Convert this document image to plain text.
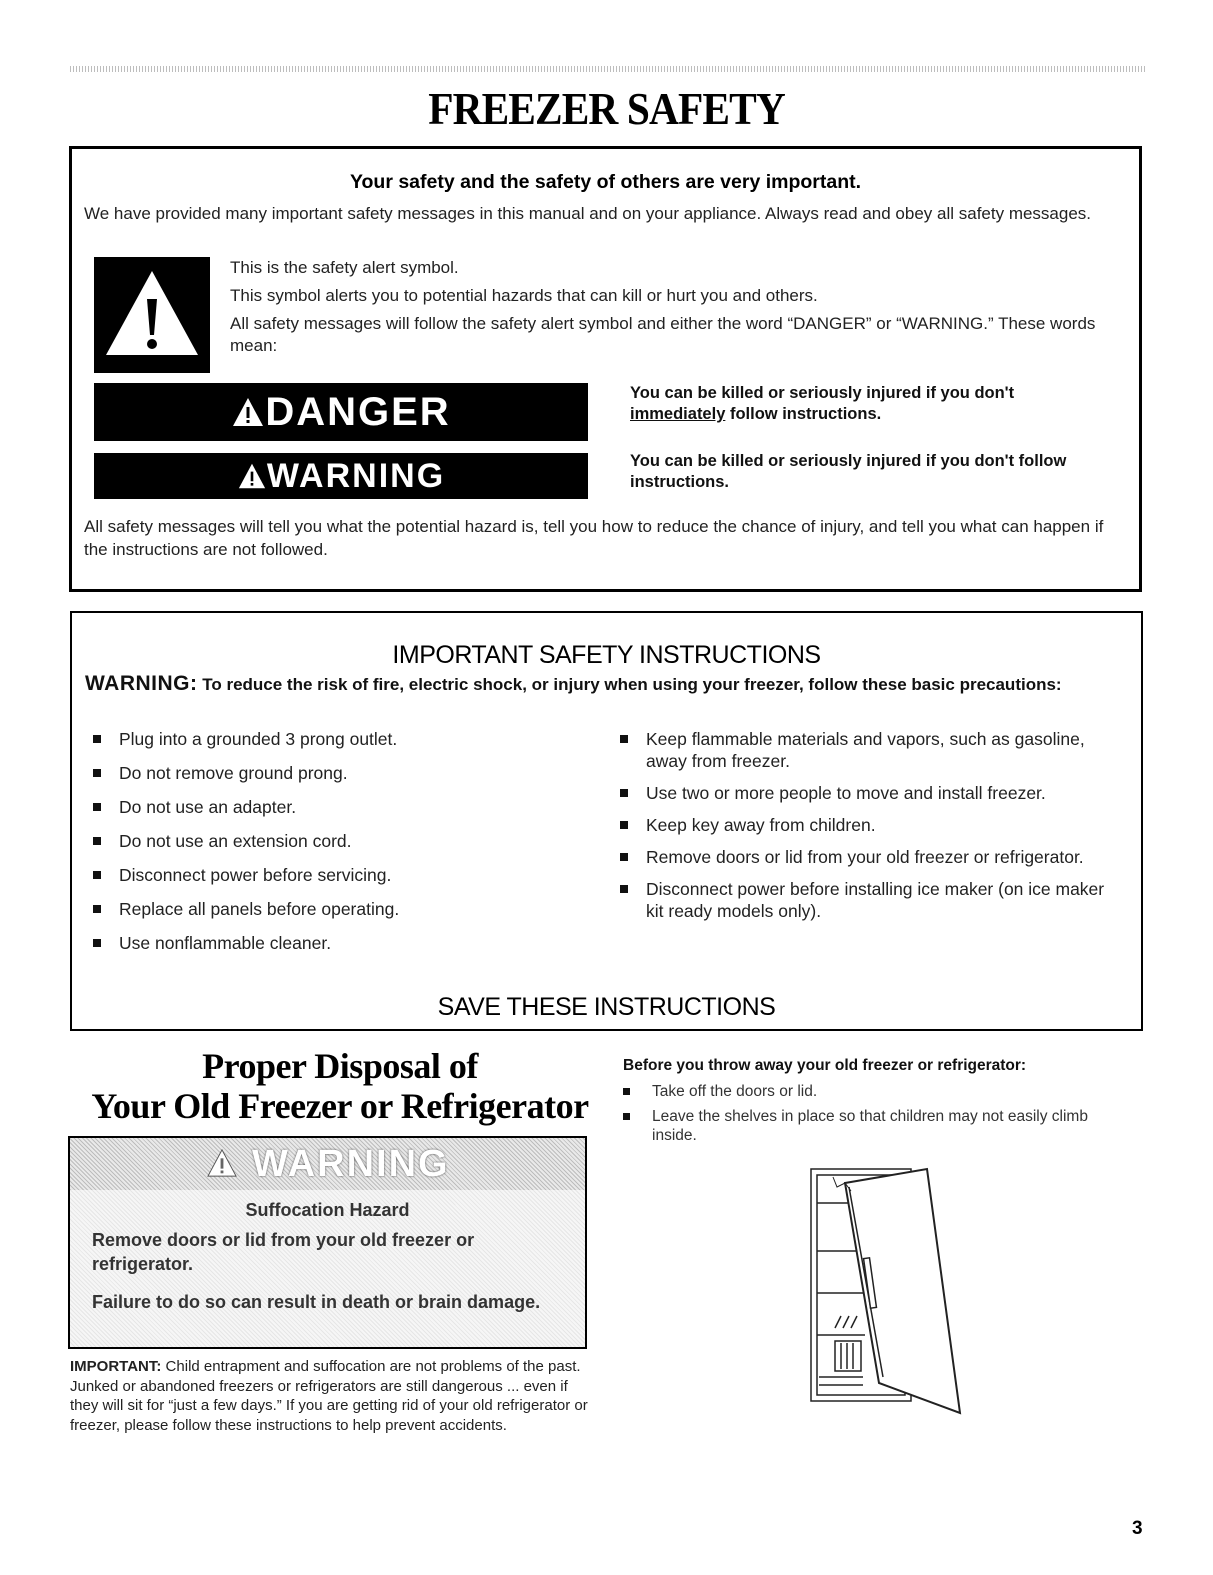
FREEZER SAFETY
Your safety and the safety of others are very important.
We have provided many important safety messages in this manual and on your appliance. Always read and obey all safety messages.

This is the safety alert symbol.

This symbol alerts you to potential hazards that can kill or hurt you and others.

All safety messages will follow the safety alert symbol and either the word “DANGER” or “WARNING.” These words mean:

DANGER	You can be killed or seriously injured if you don't immediately follow instructions.
WARNING	You can be killed or seriously injured if you don't follow instructions.
All safety messages will tell you what the potential hazard is, tell you how to reduce the chance of injury, and tell you what can happen if the instructions are not followed.
IMPORTANT SAFETY INSTRUCTIONS
WARNING: To reduce the risk of fire, electric shock, or injury when using your freezer, follow these basic precautions:
Plug into a grounded 3 prong outlet.
Do not remove ground prong.
Do not use an adapter.
Do not use an extension cord.
Disconnect power before servicing.
Replace all panels before operating.
Use nonflammable cleaner.
Keep flammable materials and vapors, such as gasoline, away from freezer.
Use two or more people to move and install freezer.
Keep key away from children.
Remove doors or lid from your old freezer or refrigerator.
Disconnect power before installing ice maker (on ice maker kit ready models only).
SAVE THESE INSTRUCTIONS
Proper Disposal of
Your Old Freezer or Refrigerator
WARNING
Suffocation Hazard
Remove doors or lid from your old freezer or refrigerator.
Failure to do so can result in death or brain damage.
IMPORTANT: Child entrapment and suffocation are not problems of the past. Junked or abandoned freezers or refrigerators are still dangerous ... even if they will sit for “just a few days.” If you are getting rid of your old refrigerator or freezer, please follow these instructions to help prevent accidents.
Before you throw away your old freezer or refrigerator:
Take off the doors or lid.
Leave the shelves in place so that children may not easily climb inside.
3
